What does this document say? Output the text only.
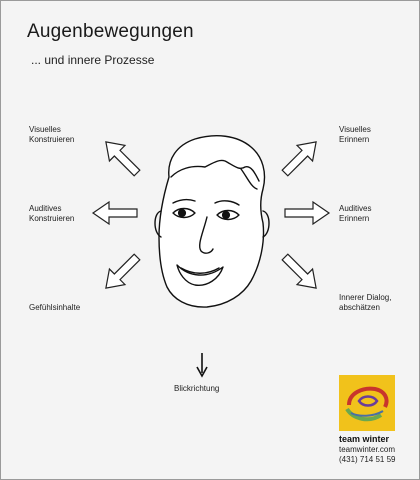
Augenbewegungen
... und innere Prozesse
Visuelles
Konstruieren
Auditives
Konstruieren
Gefühlsinhalte
Visuelles
Erinnern
Auditives
Erinnern
Innerer Dialog,
abschätzen
Blickrichtung
team winter
teamwinter.com
(431) 714 51 59
